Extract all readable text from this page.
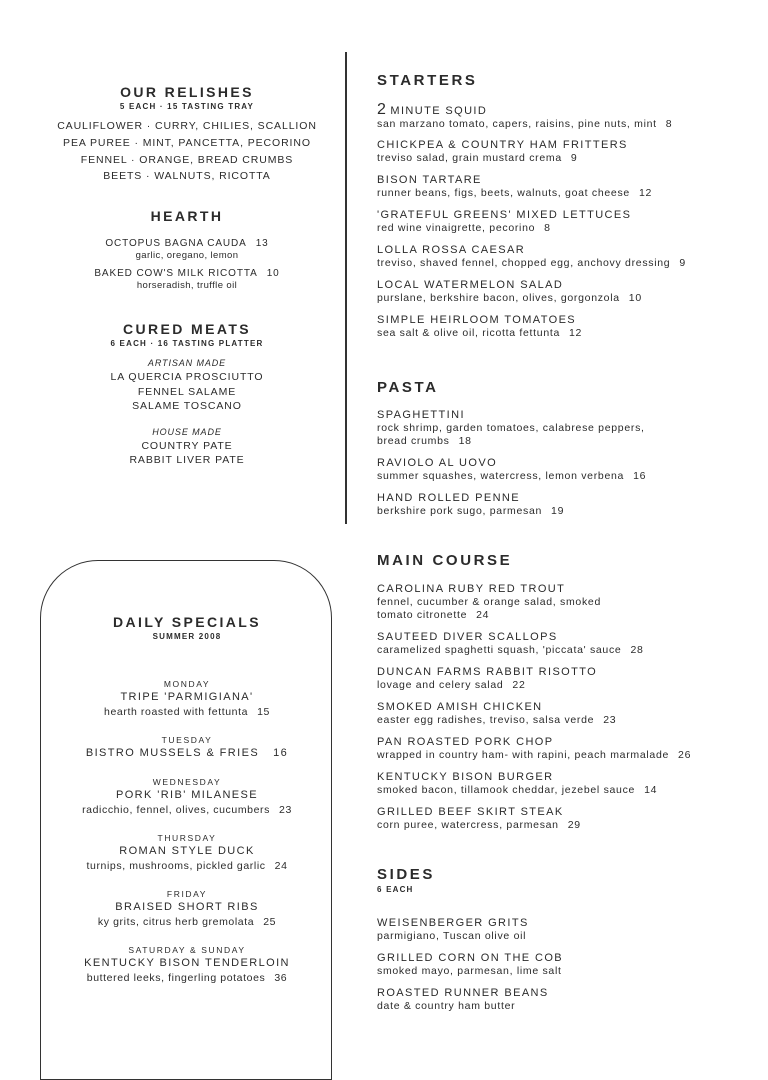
OUR RELISHES
5 EACH · 15 TASTING TRAY
CAULIFLOWER · CURRY, CHILIES, SCALLION
PEA PUREE · MINT, PANCETTA, PECORINO
FENNEL · ORANGE, BREAD CRUMBS
BEETS · WALNUTS, RICOTTA
HEARTH
OCTOPUS BAGNA CAUDA 13
garlic, oregano, lemon
BAKED COW'S MILK RICOTTA 10
horseradish, truffle oil
CURED MEATS
6 EACH · 16 TASTING PLATTER
ARTISAN MADE
LA QUERCIA PROSCIUTTO
FENNEL SALAME
SALAME TOSCANO
HOUSE MADE
COUNTRY PATE
RABBIT LIVER PATE
DAILY SPECIALS
SUMMER 2008
MONDAY
TRIPE 'PARMIGIANA'
hearth roasted with fettunta 15
TUESDAY
BISTRO MUSSELS & FRIES 16
WEDNESDAY
PORK 'RIB' MILANESE
radicchio, fennel, olives, cucumbers 23
THURSDAY
ROMAN STYLE DUCK
turnips, mushrooms, pickled garlic 24
FRIDAY
BRAISED SHORT RIBS
ky grits, citrus herb gremolata 25
SATURDAY & SUNDAY
KENTUCKY BISON TENDERLOIN
buttered leeks, fingerling potatoes 36
STARTERS
2 MINUTE SQUID
san marzano tomato, capers, raisins, pine nuts, mint 8
CHICKPEA & COUNTRY HAM FRITTERS
treviso salad, grain mustard crema 9
BISON TARTARE
runner beans, figs, beets, walnuts, goat cheese 12
'GRATEFUL GREENS' MIXED LETTUCES
red wine vinaigrette, pecorino 8
LOLLA ROSSA CAESAR
treviso, shaved fennel, chopped egg, anchovy dressing 9
LOCAL WATERMELON SALAD
purslane, berkshire bacon, olives, gorgonzola 10
SIMPLE HEIRLOOM TOMATOES
sea salt & olive oil, ricotta fettunta 12
PASTA
SPAGHETTINI
rock shrimp, garden tomatoes, calabrese peppers,
bread crumbs 18
RAVIOLO AL UOVO
summer squashes, watercress, lemon verbena 16
HAND ROLLED PENNE
berkshire pork sugo, parmesan 19
MAIN COURSE
CAROLINA RUBY RED TROUT
fennel, cucumber & orange salad, smoked
tomato citronette 24
SAUTEED DIVER SCALLOPS
caramelized spaghetti squash, 'piccata' sauce 28
DUNCAN FARMS RABBIT RISOTTO
lovage and celery salad 22
SMOKED AMISH CHICKEN
easter egg radishes, treviso, salsa verde 23
PAN ROASTED PORK CHOP
wrapped in country ham- with rapini, peach marmalade 26
KENTUCKY BISON BURGER
smoked bacon, tillamook cheddar, jezebel sauce 14
GRILLED BEEF SKIRT STEAK
corn puree, watercress, parmesan 29
SIDES
6 EACH
WEISENBERGER GRITS
parmigiano, Tuscan olive oil
GRILLED CORN ON THE COB
smoked mayo, parmesan, lime salt
ROASTED RUNNER BEANS
date & country ham butter
